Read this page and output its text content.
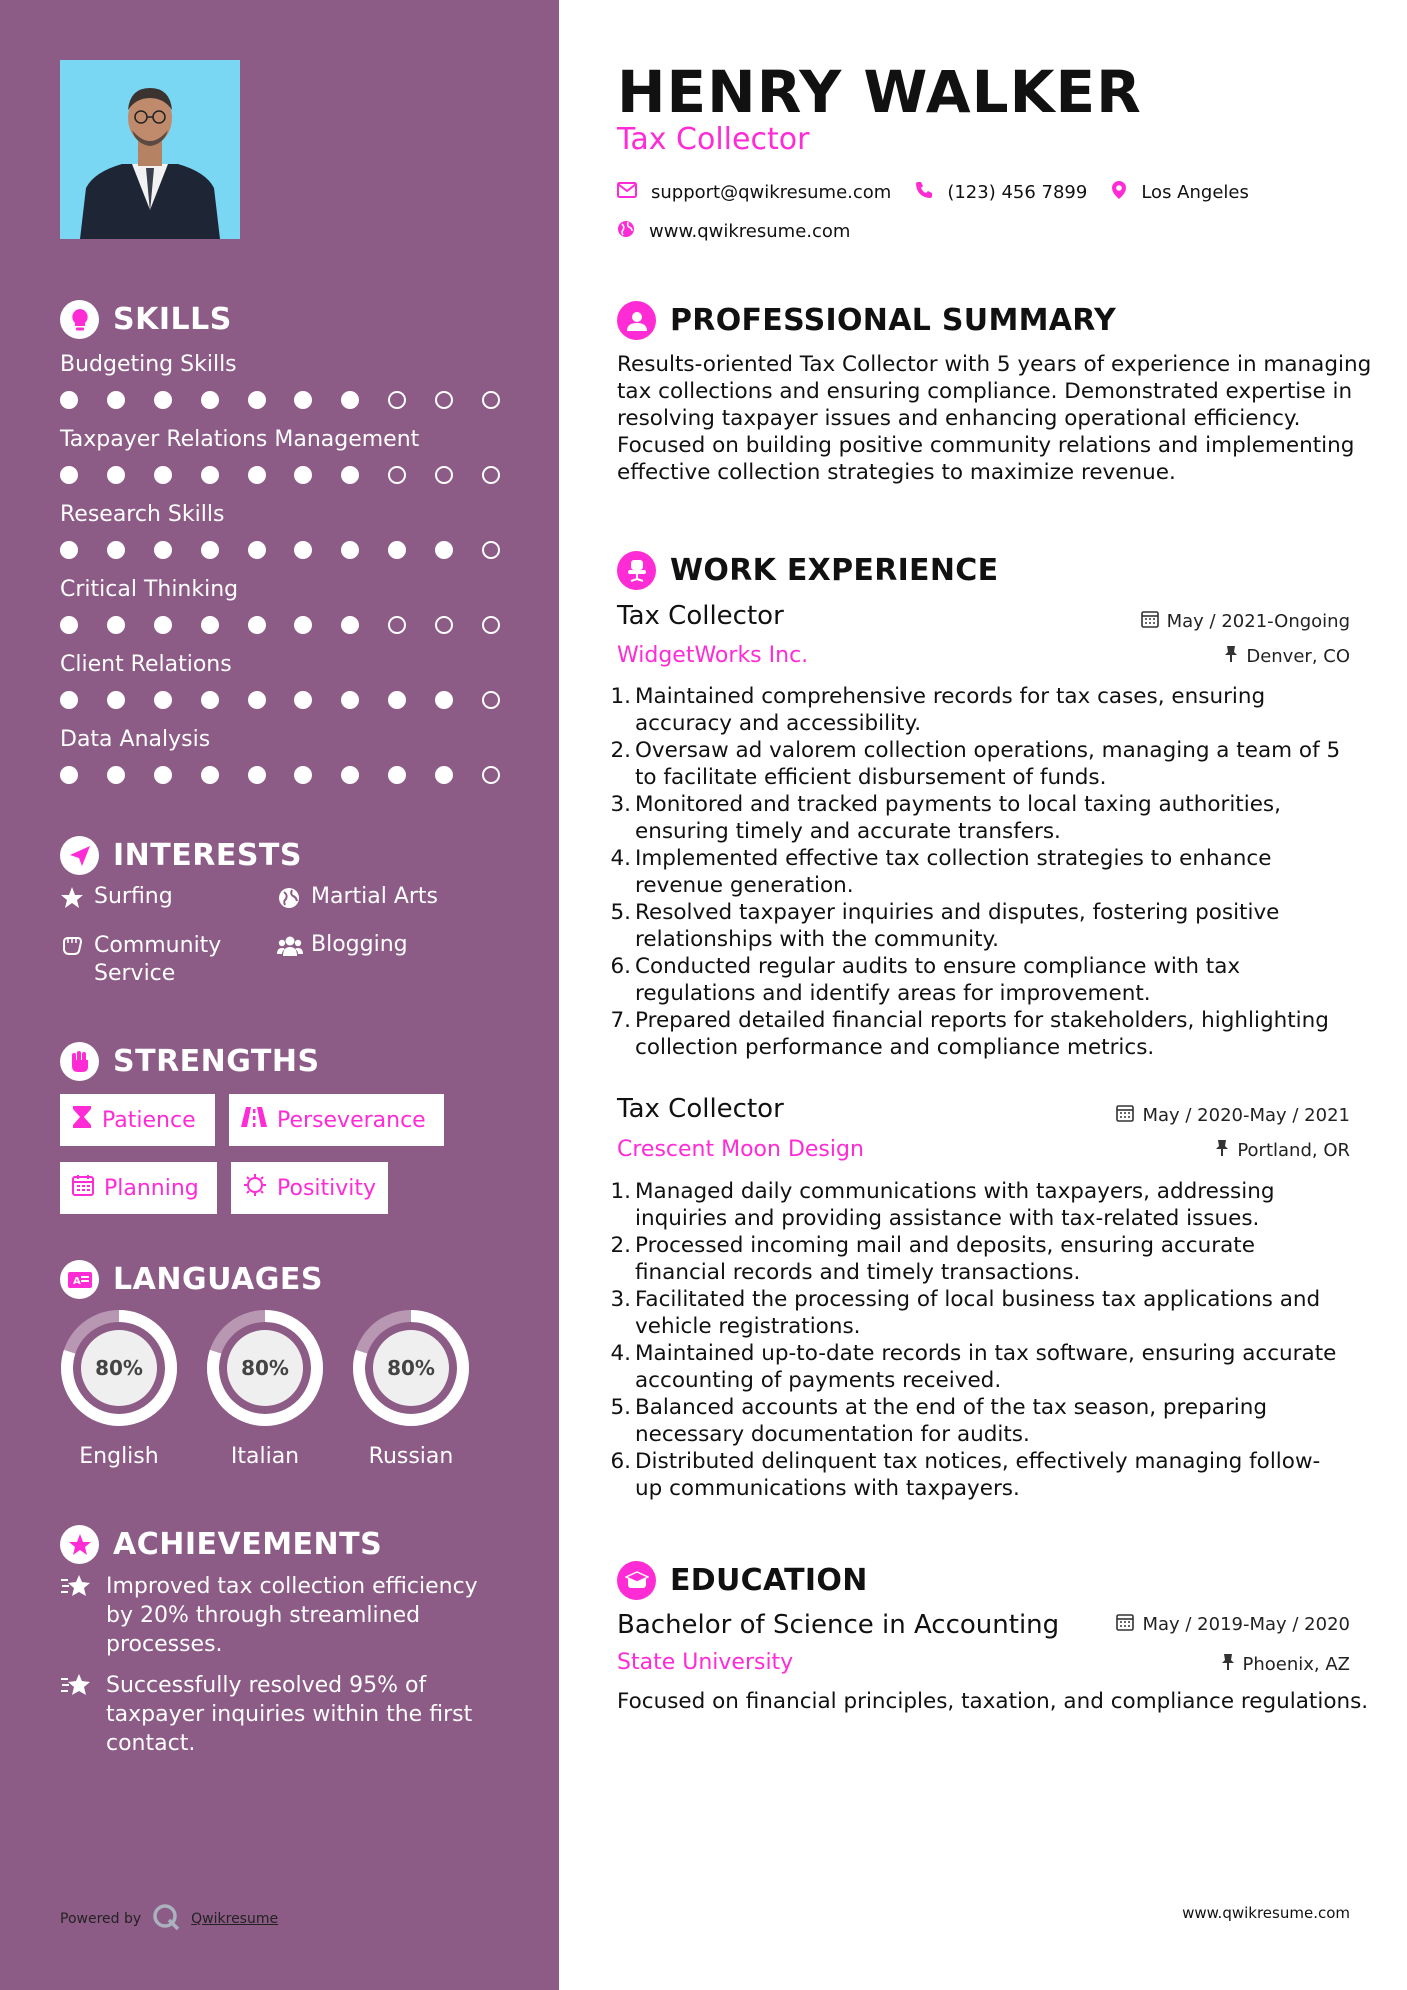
SKILLS
Budgeting Skills
Taxpayer Relations Management
Research Skills
Critical Thinking
Client Relations
Data Analysis
INTERESTS
Surfing	Martial Arts
Community Service
Blogging
STRENGTHS
Patience	Perseverance
Planning	Positivity
A LANGUAGES
80%
English
80%
Italian
80%
Russian
ACHIEVEMENTS
Improved tax collection efficiency by 20% through streamlined processes.
Successfully resolved 95% of taxpayer inquiries within the first contact.
Powered by	Qwikresume
HENRY WALKER
Tax Collector
support@qwikresume.com	(123) 456 7899	Los Angeles
www.qwikresume.com
PROFESSIONAL SUMMARY
Results-oriented Tax Collector with 5 years of experience in managing tax collections and ensuring compliance. Demonstrated expertise in resolving taxpayer issues and enhancing operational efficiency. Focused on building positive community relations and implementing effective collection strategies to maximize revenue.
WORK EXPERIENCE
Tax Collector	May / 2021-Ongoing
WidgetWorks Inc.	Denver, CO
1. Maintained comprehensive records for tax cases, ensuring accuracy and accessibility.
2. Oversaw ad valorem collection operations, managing a team of 5 to facilitate efficient disbursement of funds.
3. Monitored and tracked payments to local taxing authorities, ensuring timely and accurate transfers.
4. Implemented effective tax collection strategies to enhance revenue generation.
5. Resolved taxpayer inquiries and disputes, fostering positive relationships with the community.
6. Conducted regular audits to ensure compliance with tax regulations and identify areas for improvement.
7. Prepared detailed financial reports for stakeholders, highlighting collection performance and compliance metrics.
Tax Collector	May / 2020-May / 2021
Crescent Moon Design	Portland, OR
1. Managed daily communications with taxpayers, addressing inquiries and providing assistance with tax-related issues.
2. Processed incoming mail and deposits, ensuring accurate financial records and timely transactions.
3. Facilitated the processing of local business tax applications and vehicle registrations.
4. Maintained up-to-date records in tax software, ensuring accurate accounting of payments received.
5. Balanced accounts at the end of the tax season, preparing necessary documentation for audits.
6. Distributed delinquent tax notices, effectively managing follow-up communications with taxpayers.
EDUCATION
Bachelor of Science in Accounting	May / 2019-May / 2020
State University	Phoenix, AZ
Focused on financial principles, taxation, and compliance regulations.
www.qwikresume.com
